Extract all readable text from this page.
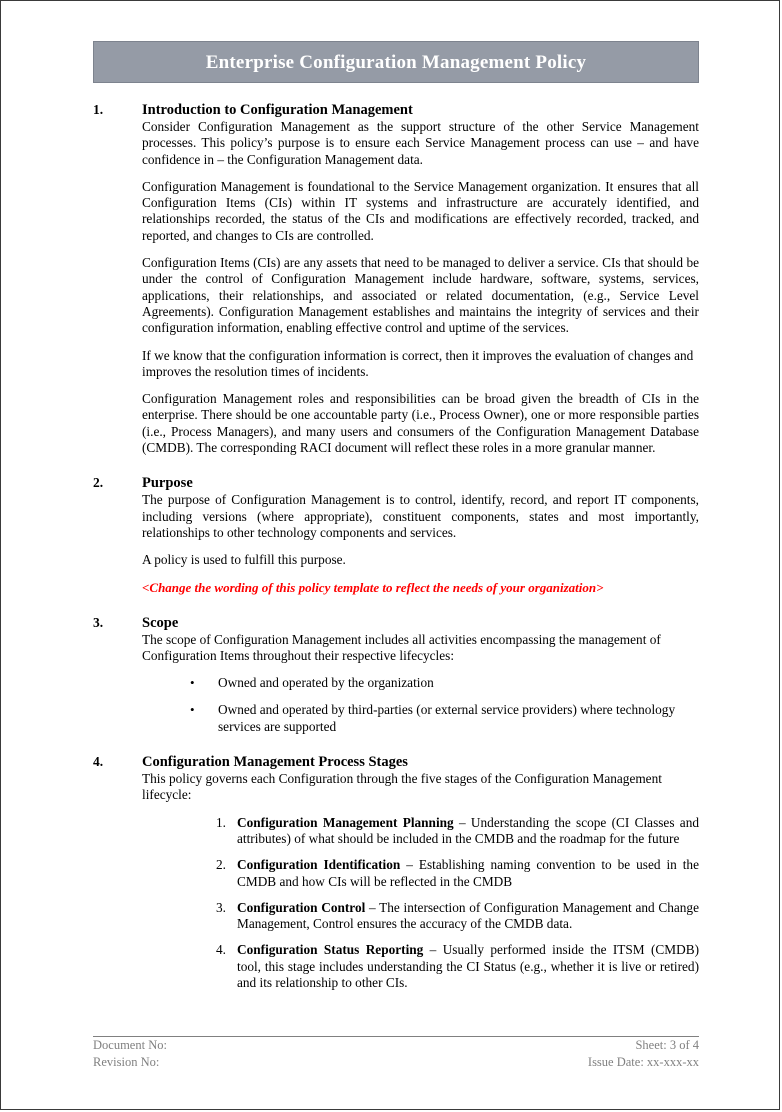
Enterprise Configuration Management Policy
1.	Introduction to Configuration Management

Consider Configuration Management as the support structure of the other Service Management processes. This policy’s purpose is to ensure each Service Management process can use – and have confidence in – the Configuration Management data.

Configuration Management is foundational to the Service Management organization. It ensures that all Configuration Items (CIs) within IT systems and infrastructure are accurately identified, and relationships recorded, the status of the CIs and modifications are effectively recorded, tracked, and reported, and changes to CIs are controlled.

Configuration Items (CIs) are any assets that need to be managed to deliver a service. CIs that should be under the control of Configuration Management include hardware, software, systems, services, applications, their relationships, and associated or related documentation, (e.g., Service Level Agreements). Configuration Management establishes and maintains the integrity of services and their configuration information, enabling effective control and uptime of the services.

If we know that the configuration information is correct, then it improves the evaluation of changes and improves the resolution times of incidents.

Configuration Management roles and responsibilities can be broad given the breadth of CIs in the enterprise. There should be one accountable party (i.e., Process Owner), one or more responsible parties (i.e., Process Managers), and many users and consumers of the Configuration Management Database (CMDB). The corresponding RACI document will reflect these roles in a more granular manner.

2.	Purpose

The purpose of Configuration Management is to control, identify, record, and report IT components, including versions (where appropriate), constituent components, states and most importantly, relationships to other technology components and services.

A policy is used to fulfill this purpose.

<Change the wording of this policy template to reflect the needs of your organization>

3.	Scope

The scope of Configuration Management includes all activities encompassing the management of Configuration Items throughout their respective lifecycles:

• Owned and operated by the organization
• Owned and operated by third-parties (or external service providers) where technology services are supported
4.	Configuration Management Process Stages

This policy governs each Configuration through the five stages of the Configuration Management lifecycle:

1. Configuration Management Planning – Understanding the scope (CI Classes and attributes) of what should be included in the CMDB and the roadmap for the future
2. Configuration Identification – Establishing naming convention to be used in the CMDB and how CIs will be reflected in the CMDB
3. Configuration Control – The intersection of Configuration Management and Change Management, Control ensures the accuracy of the CMDB data.
4. Configuration Status Reporting – Usually performed inside the ITSM (CMDB) tool, this stage includes understanding the CI Status (e.g., whether it is live or retired) and its relationship to other CIs.
Document No:	Sheet: 3 of 4
Revision No:	Issue Date: xx-xxx-xx
